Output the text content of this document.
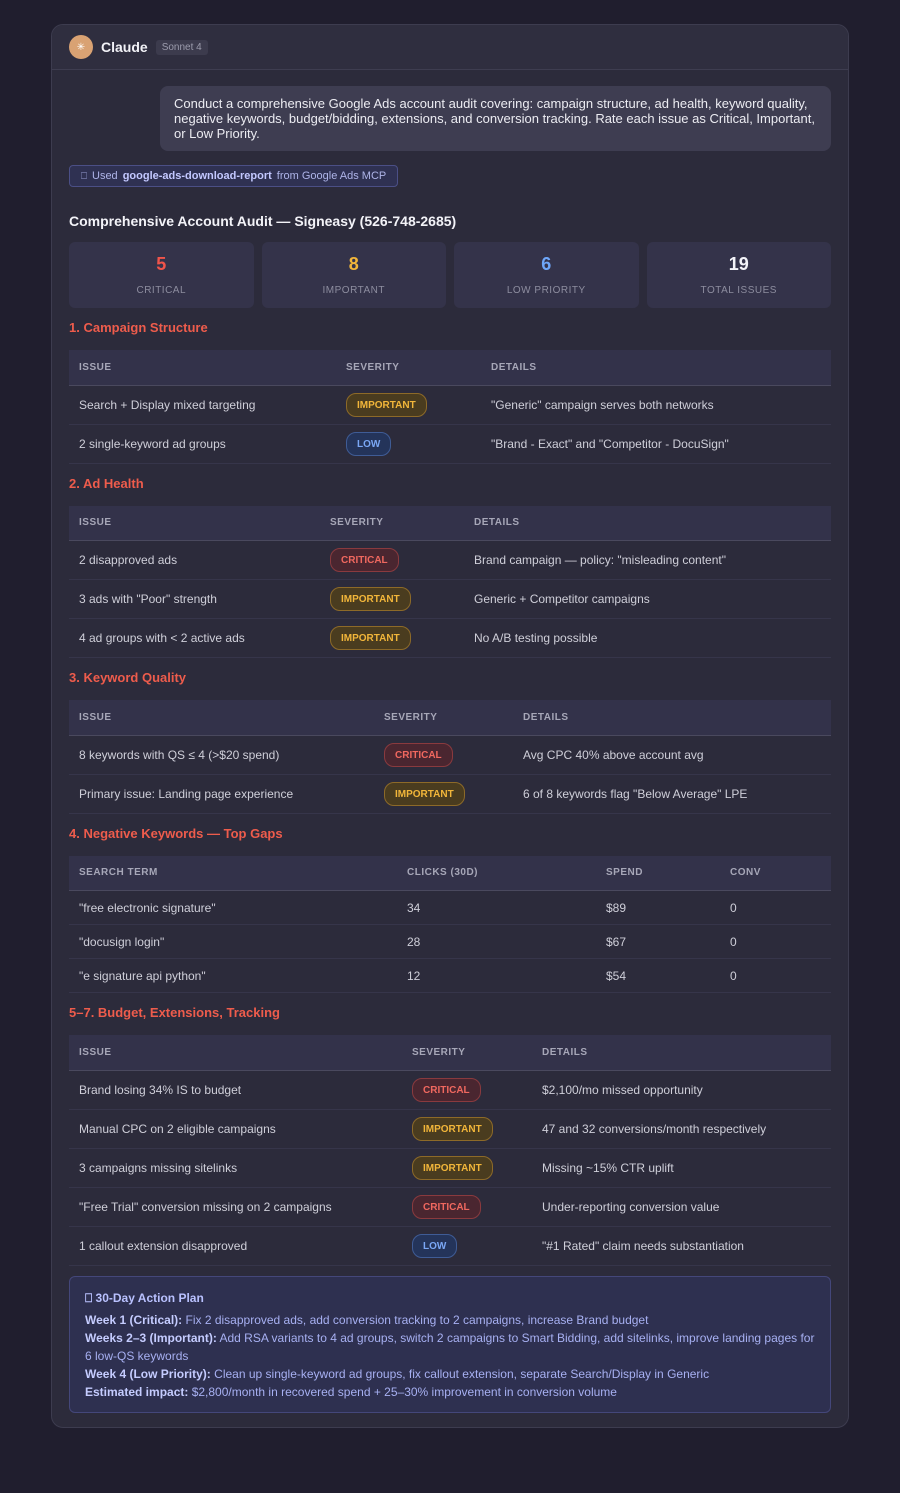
✳	Claude	Sonnet 4
Conduct a comprehensive Google Ads account audit covering: campaign structure, ad health, keyword quality, negative keywords, budget/bidding, extensions, and conversion tracking. Rate each issue as Critical, Important, or Low Priority.
⎕ Used google-ads-download-report from Google Ads MCP
Comprehensive Account Audit — Signeasy (526-748-2685)
5
CRITICAL
8
IMPORTANT
6
LOW PRIORITY
19
TOTAL ISSUES
1. Campaign Structure
ISSUE	SEVERITY	DETAILS
Search + Display mixed targeting	IMPORTANT	"Generic" campaign serves both networks
2 single-keyword ad groups	LOW	"Brand - Exact" and "Competitor - DocuSign"
2. Ad Health
ISSUE	SEVERITY	DETAILS
2 disapproved ads	CRITICAL	Brand campaign — policy: "misleading content"
3 ads with "Poor" strength	IMPORTANT	Generic + Competitor campaigns
4 ad groups with < 2 active ads	IMPORTANT	No A/B testing possible
3. Keyword Quality
ISSUE	SEVERITY	DETAILS
8 keywords with QS ≤ 4 (>$20 spend)	CRITICAL	Avg CPC 40% above account avg
Primary issue: Landing page experience	IMPORTANT	6 of 8 keywords flag "Below Average" LPE
4. Negative Keywords — Top Gaps
SEARCH TERM	CLICKS (30D)	SPEND	CONV
"free electronic signature"	34	$89	0
"docusign login"	28	$67	0
"e signature api python"	12	$54	0
5–7. Budget, Extensions, Tracking
ISSUE	SEVERITY	DETAILS
Brand losing 34% IS to budget	CRITICAL	$2,100/mo missed opportunity
Manual CPC on 2 eligible campaigns	IMPORTANT	47 and 32 conversions/month respectively
3 campaigns missing sitelinks	IMPORTANT	Missing ~15% CTR uplift
"Free Trial" conversion missing on 2 campaigns	CRITICAL	Under-reporting conversion value
1 callout extension disapproved	LOW	"#1 Rated" claim needs substantiation
⎕ 30-Day Action Plan
Week 1 (Critical): Fix 2 disapproved ads, add conversion tracking to 2 campaigns, increase Brand budget
Weeks 2–3 (Important): Add RSA variants to 4 ad groups, switch 2 campaigns to Smart Bidding, add sitelinks, improve landing pages for 6 low-QS keywords
Week 4 (Low Priority): Clean up single-keyword ad groups, fix callout extension, separate Search/Display in Generic
Estimated impact: $2,800/month in recovered spend + 25–30% improvement in conversion volume
